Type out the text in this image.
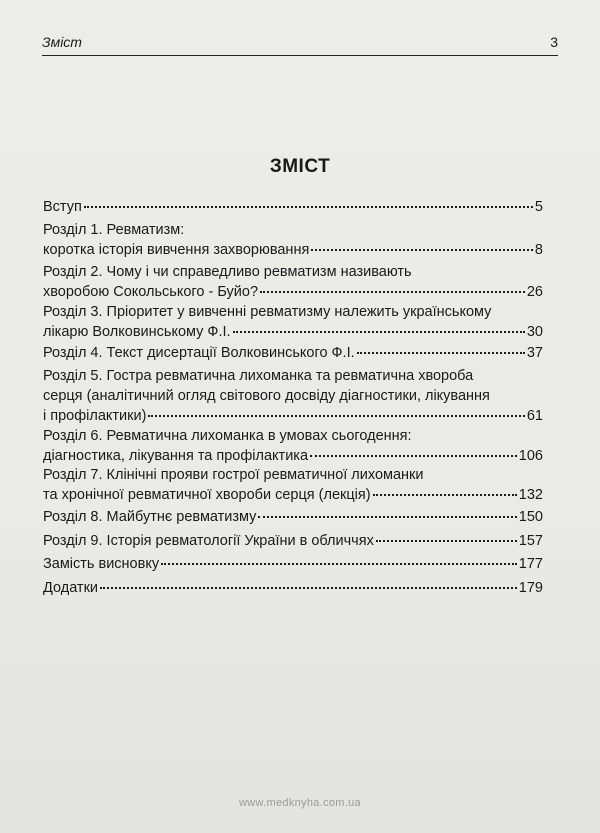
Зміст	3
ЗМІСТ
Вступ	5
Розділ 1. Ревматизм:
коротка історія вивчення захворювання	8
Розділ 2. Чому і чи справедливо ревматизм називають
хворобою Сокольського - Буйо?	26
Розділ 3. Пріоритет у вивченні ревматизму належить українському
лікарю Волковинському Ф.І.	30
Розділ 4. Текст дисертації Волковинського Ф.І.	37
Розділ 5. Гостра ревматична лихоманка та ревматична хвороба
серця (аналітичний огляд світового досвіду діагностики, лікування
і профілактики)	61
Розділ 6. Ревматична лихоманка в умовах сьогодення:
діагностика, лікування та профілактика	106
Розділ 7. Клінічні прояви гострої ревматичної лихоманки
та хронічної ревматичної хвороби серця (лекція)	132
Розділ 8. Майбутнє ревматизму	150
Розділ 9. Історія ревматології України в обличчях	157
Замість висновку	177
Додатки	179
www.medknyha.com.ua
